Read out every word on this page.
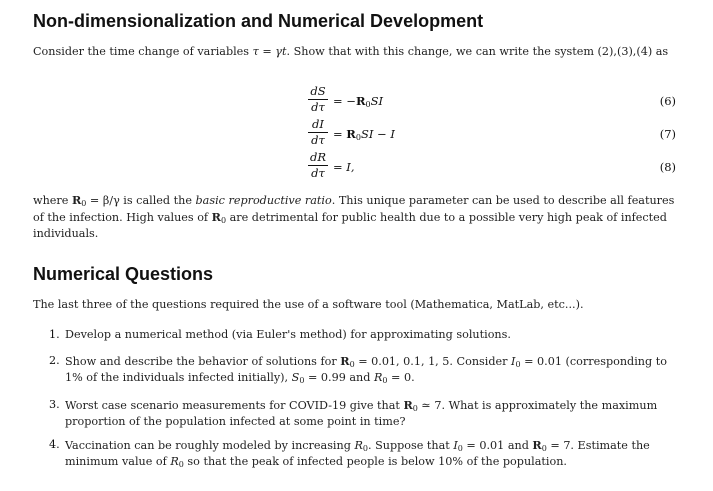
Non-dimensionalization and Numerical Development

Consider the time change of variables τ = γt. Show that with this change, we can write the system (2),(3),(4) as

dS
$d\tau = -R_0SI$	(6)
dI
$d\tau = R_0SI - I$	(7)
dR
dτ = I,	(8)

where $R_0 = \beta/\gamma$ is called the basic reproductive ratio. This unique parameter can be used to describe all features of the infection. High values of $R_0$ are detrimental for public health due to a possible very high peak of infected individuals.

Numerical Questions

The last three of the questions required the use of a software tool (Mathematica, MatLab, etc...).

1. Develop a numerical method (via Euler's method) for approximating solutions.
2. Show and describe the behavior of solutions for $R_0 = 0.01$, 0.1, 1, 5. Consider $I_0 = 0.01$ (corresponding to 1% of the individuals infected initially), $S_0 = 0.99$ and $R_0 = 0$.
3. Worst case scenario measurements for COVID-19 give that $R_0$ ≃ 7. What is approximately the maximum proportion of the population infected at some point in time?
4. Vaccination can be roughly modeled by increasing $R_0$. Suppose that $I_0 = 0.01$ and $R_0 = 7$. Estimate the minimum value of $R_0$ so that the peak of infected people is below 10% of the population.
